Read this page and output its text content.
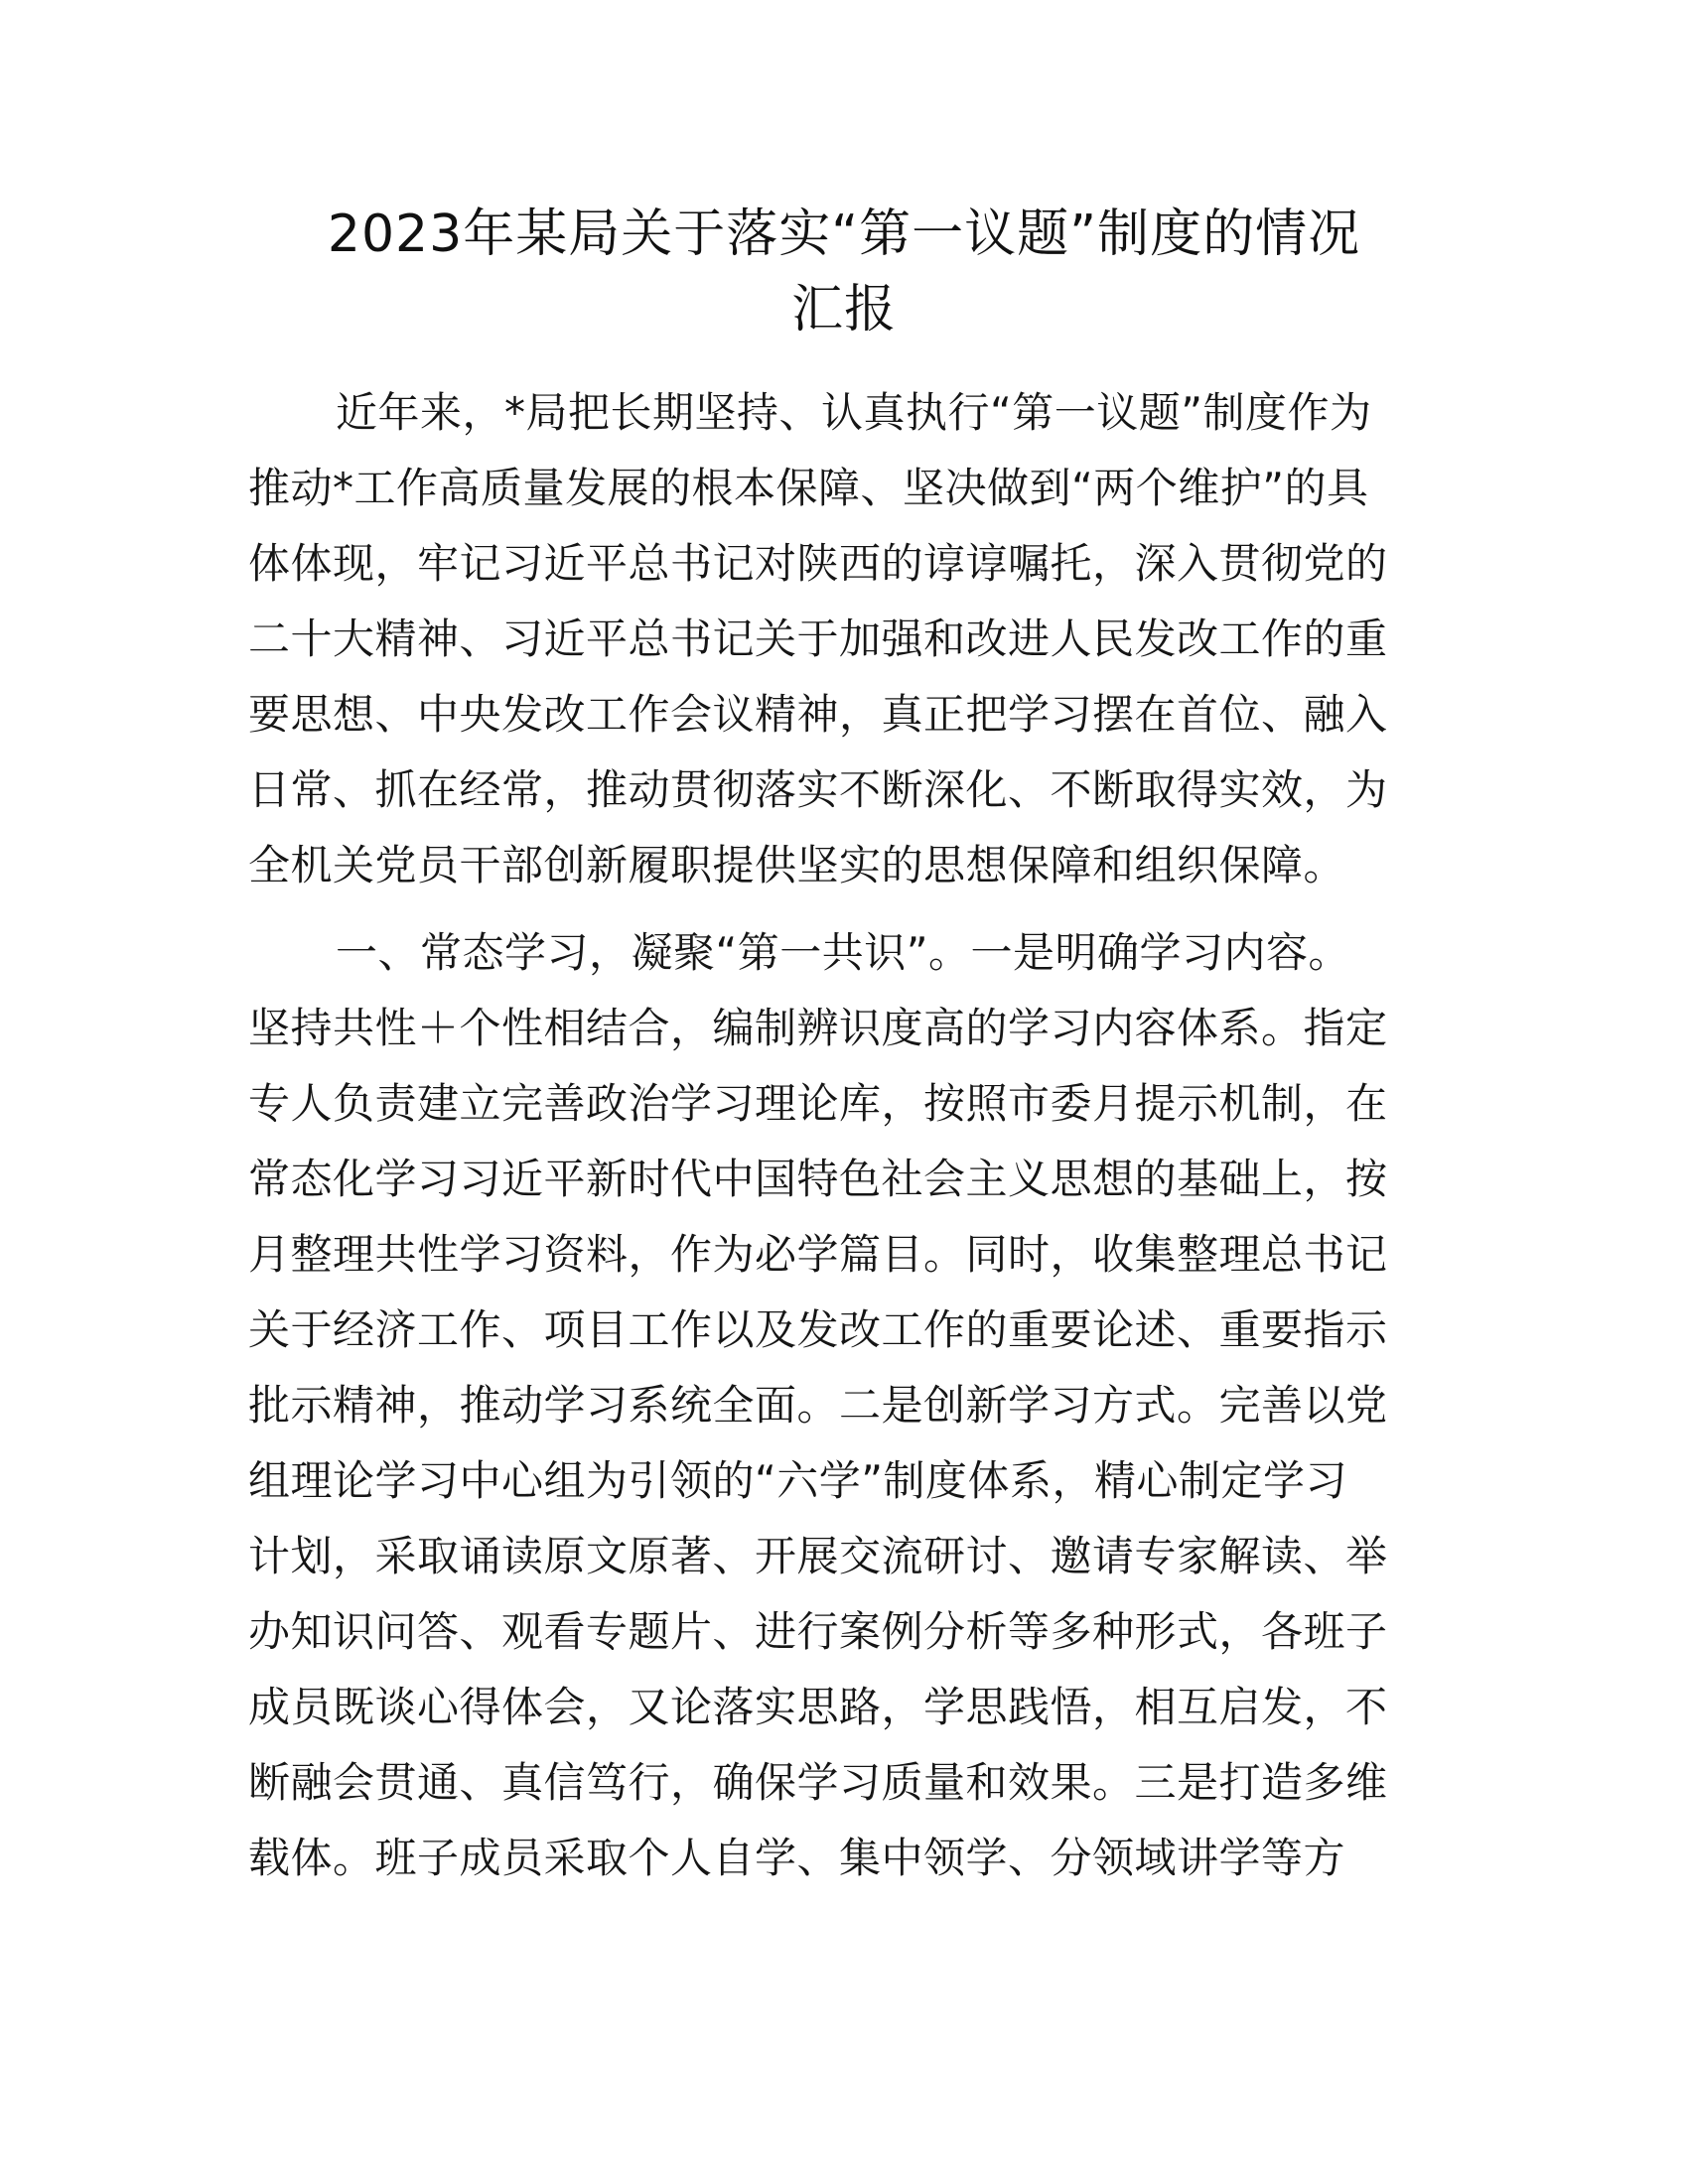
2023年某局关于落实“第一议题”制度的情况
汇报

近年来，*局把长期坚持、认真执行“第一议题”制度作为
推动*工作高质量发展的根本保障、坚决做到“两个维护”的具
体体现，牢记习近平总书记对陕西的谆谆嘱托，深入贯彻党的
二十大精神、习近平总书记关于加强和改进人民发改工作的重
要思想、中央发改工作会议精神，真正把学习摆在首位、融入
日常、抓在经常，推动贯彻落实不断深化、不断取得实效，为
全机关党员干部创新履职提供坚实的思想保障和组织保障。

一、常态学习，凝聚“第一共识”。一是明确学习内容。
坚持共性＋个性相结合，编制辨识度高的学习内容体系。指定
专人负责建立完善政治学习理论库，按照市委月提示机制，在
常态化学习习近平新时代中国特色社会主义思想的基础上，按
月整理共性学习资料，作为必学篇目。同时，收集整理总书记
关于经济工作、项目工作以及发改工作的重要论述、重要指示
批示精神，推动学习系统全面。二是创新学习方式。完善以党
组理论学习中心组为引领的“六学”制度体系，精心制定学习
计划，采取诵读原文原著、开展交流研讨、邀请专家解读、举
办知识问答、观看专题片、进行案例分析等多种形式，各班子
成员既谈心得体会，又论落实思路，学思践悟，相互启发，不
断融会贯通、真信笃行，确保学习质量和效果。三是打造多维
载体。班子成员采取个人自学、集中领学、分领域讲学等方
